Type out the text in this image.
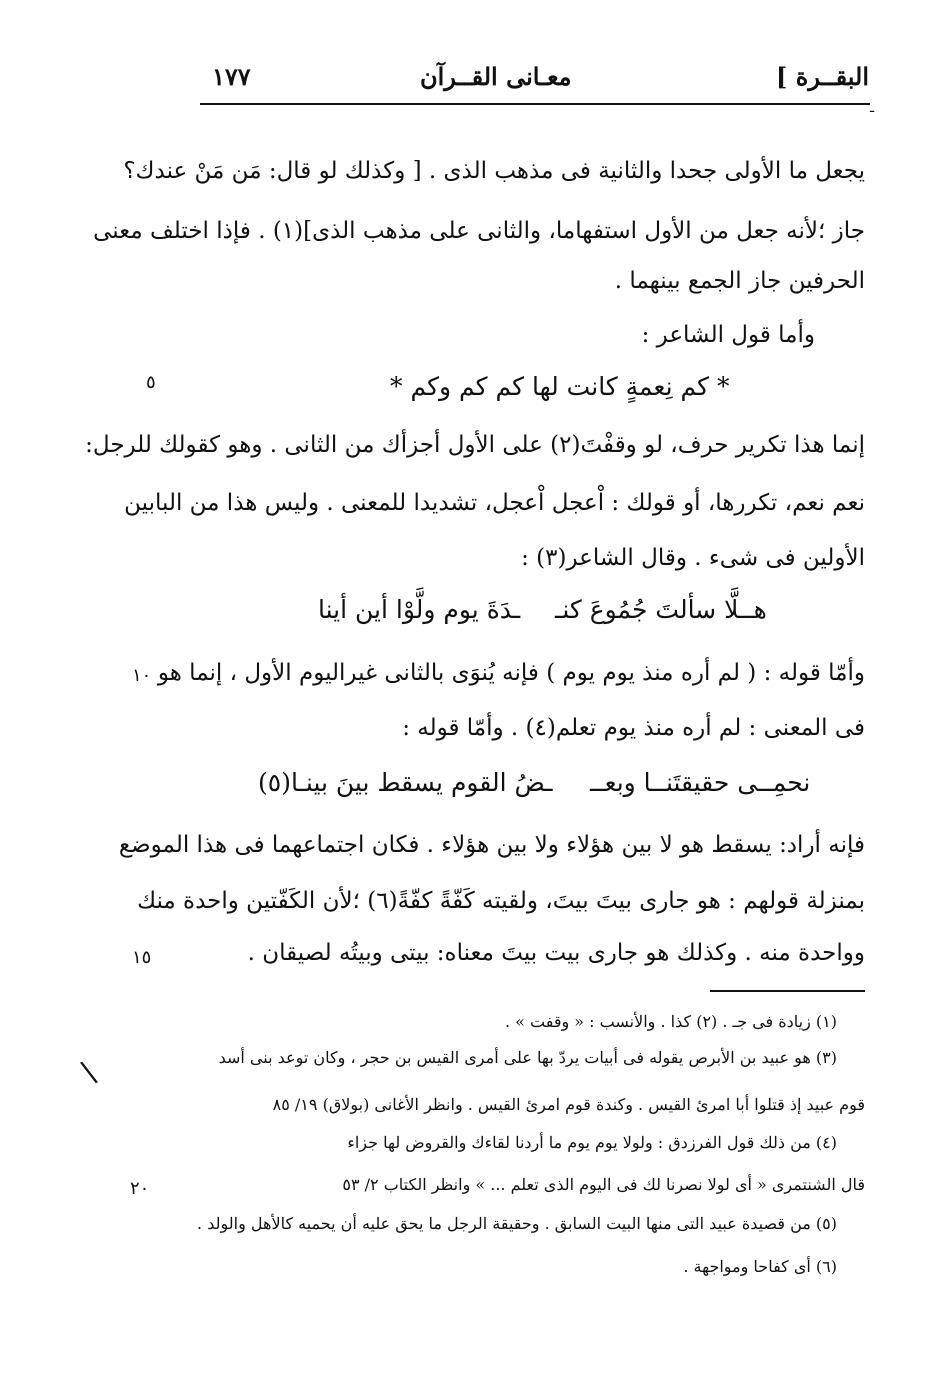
البقــرة ]
معـانى القــرآن
١٧٧
ـ
يجعل ما الأولى جحدا والثانية فى مذهب الذى . [ وكذلك لو قال: مَن مَنْ عندك؟
جاز ؛لأنه جعل من الأول استفهاما، والثانى على مذهب الذى](١) . فإذا اختلف معنى
الحرفين جاز الجمع بينهما .
وأما قول الشاعر :
* كم نِعمةٍ كانت لها كم كم وكم *
إنما هذا تكرير حرف، لو وقفْتَ(٢) على الأول أجزأك من الثانى . وهو كقولك للرجل:
نعم نعم، تكررها، أو قولك : اْعجل اْعجل، تشديدا للمعنى . وليس هذا من البابين
الأولين فى شىء . وقال الشاعر(٣) :
هــلَّا سألتَ جُمُوعَ كنـ
ـدَةَ يوم ولَّوْا أين أينا
وأمّا قوله : ( لم أره منذ يوم يوم ) فإنه يُنوَى بالثانى غيراليوم الأول ، إنما هو
فى المعنى : لم أره منذ يوم تعلم(٤) . وأمّا قوله :
نحمِــى حقيقتَنــا وبعــ
ـضُ القوم يسقط بينَ بينـا(٥)
فإنه أراد: يسقط هو لا بين هؤلاء ولا بين هؤلاء . فكان اجتماعهما فى هذا الموضع
بمنزلة قولهم : هو جارى بيتَ بيتَ، ولقيته كَفّةً كفّةً(٦) ؛لأن الكَفّتين واحدة منك
وواحدة منه . وكذلك هو جارى بيت بيتَ معناه: بيتى وبيتُه لصيقان .
٥
١٠
١٥
٢٠
\
(١) زيادة فى جـ . (٢) كذا . والأنسب : « وقفت » .
(٣) هو عبيد بن الأبرص يقوله فى أبيات يردّ بها على أمرى القيس بن حجر ، وكان توعد بنى أسد
قوم عبيد إذ قتلوا أبا امرئ القيس . وكندة قوم امرئ القيس . وانظر الأغانى (بولاق) ١٩/ ٨٥
(٤) من ذلك قول الفرزدق : ولولا يوم يوم ما أردنا لقاءك والقروض لها جزاء
قال الشنتمرى « أى لولا نصرنا لك فى اليوم الذى تعلم ... » وانظر الكتاب ٢/ ٥٣
(٥) من قصيدة عبيد التى منها البيت السابق . وحقيقة الرجل ما يحق عليه أن يحميه كالأهل والولد .
(٦) أى كفاحا ومواجهة .
